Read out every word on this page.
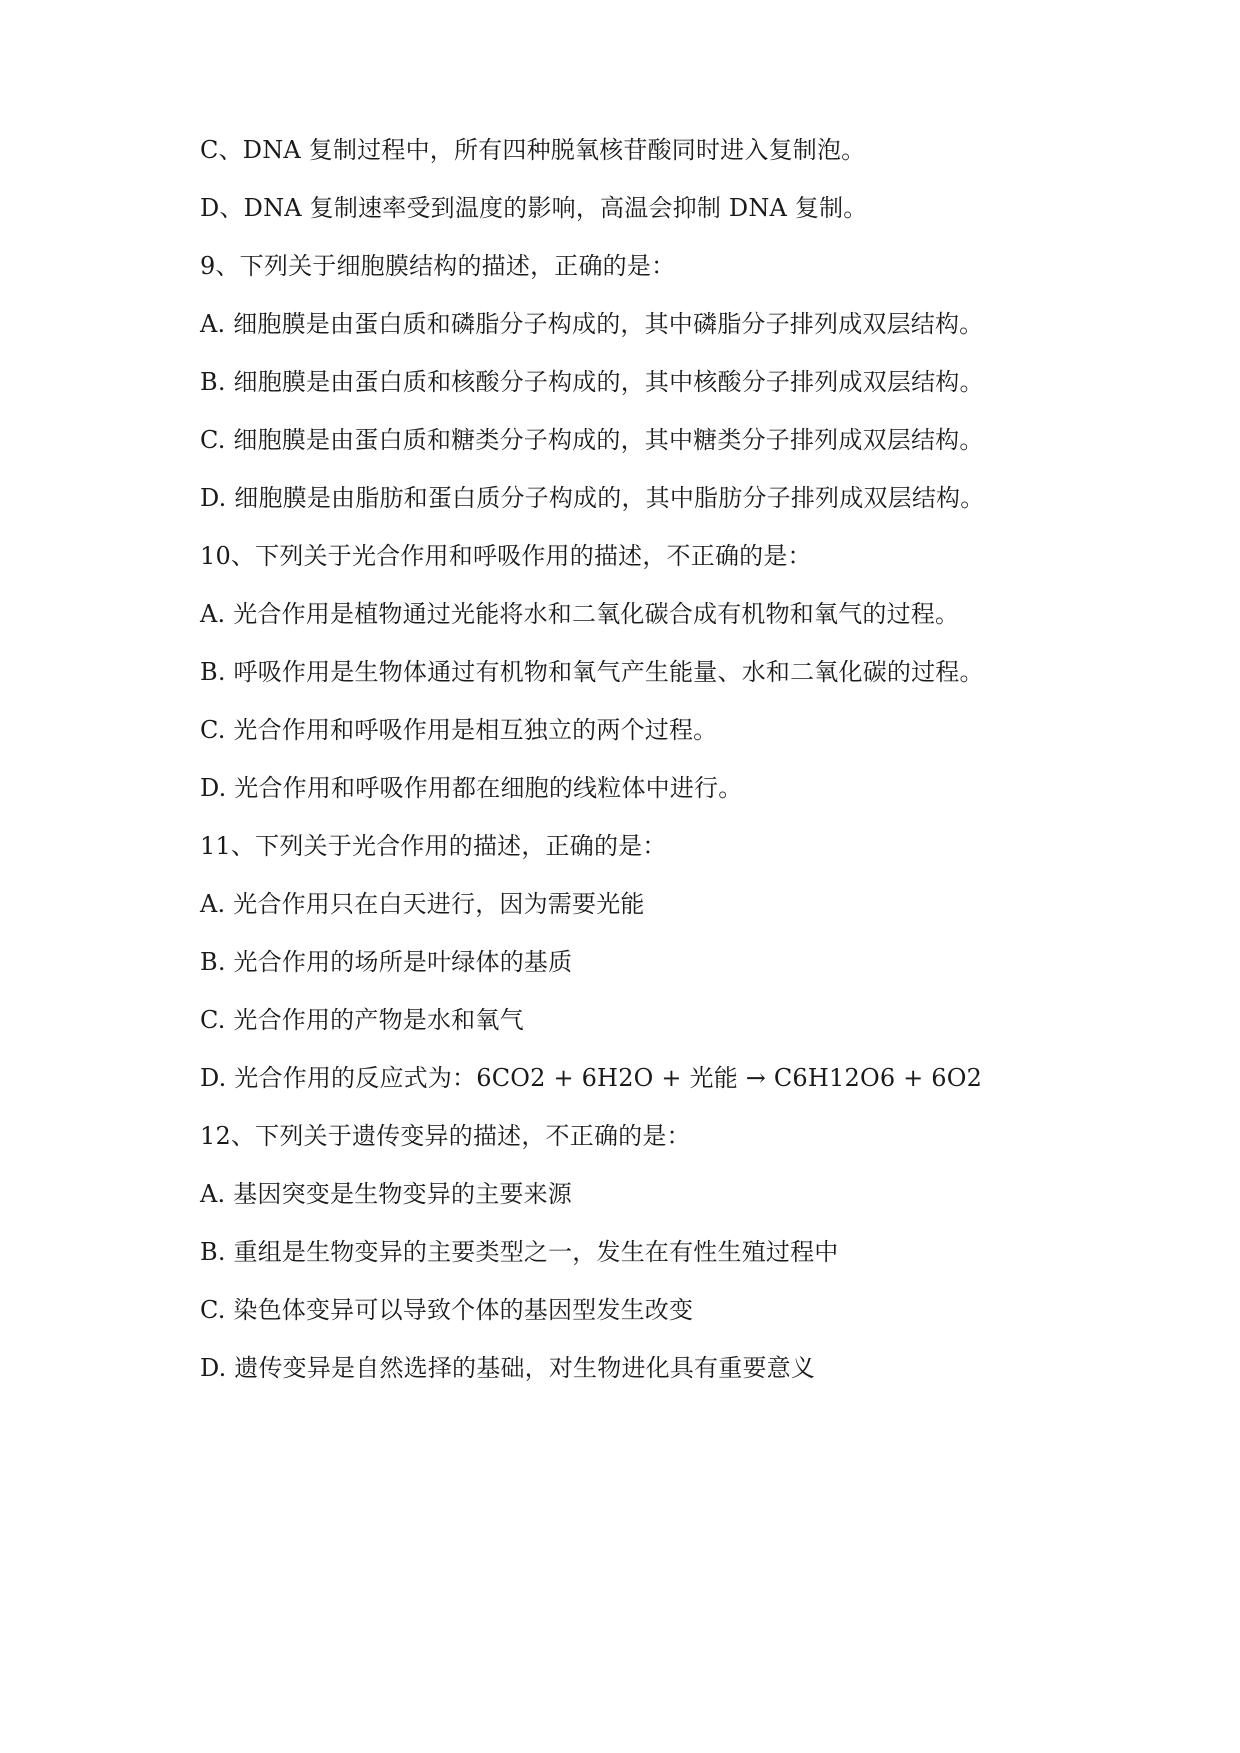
C、DNA 复制过程中，所有四种脱氧核苷酸同时进入复制泡。
D、DNA 复制速率受到温度的影响，高温会抑制 DNA 复制。
9、下列关于细胞膜结构的描述，正确的是：
A. 细胞膜是由蛋白质和磷脂分子构成的，其中磷脂分子排列成双层结构。
B. 细胞膜是由蛋白质和核酸分子构成的，其中核酸分子排列成双层结构。
C. 细胞膜是由蛋白质和糖类分子构成的，其中糖类分子排列成双层结构。
D. 细胞膜是由脂肪和蛋白质分子构成的，其中脂肪分子排列成双层结构。
10、下列关于光合作用和呼吸作用的描述，不正确的是：
A. 光合作用是植物通过光能将水和二氧化碳合成有机物和氧气的过程。
B. 呼吸作用是生物体通过有机物和氧气产生能量、水和二氧化碳的过程。
C. 光合作用和呼吸作用是相互独立的两个过程。
D. 光合作用和呼吸作用都在细胞的线粒体中进行。
11、下列关于光合作用的描述，正确的是：
A. 光合作用只在白天进行，因为需要光能
B. 光合作用的场所是叶绿体的基质
C. 光合作用的产物是水和氧气
D. 光合作用的反应式为：6CO2 + 6H2O + 光能 → C6H12O6 + 6O2
12、下列关于遗传变异的描述，不正确的是：
A. 基因突变是生物变异的主要来源
B. 重组是生物变异的主要类型之一，发生在有性生殖过程中
C. 染色体变异可以导致个体的基因型发生改变
D. 遗传变异是自然选择的基础，对生物进化具有重要意义
